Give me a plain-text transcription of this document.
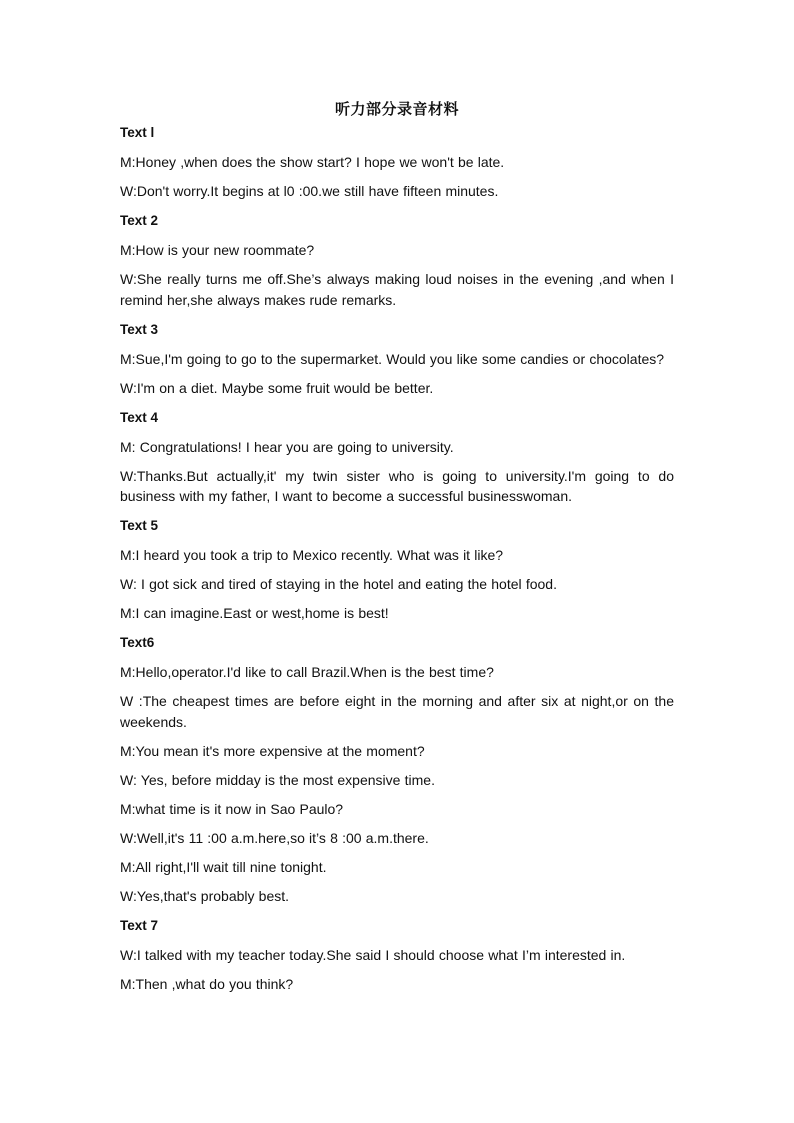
听力部分录音材料
Text l

M:Honey ,when does the show start? I hope we won't be late.

W:Don't worry.It begins at l0 :00.we still have fifteen minutes.

Text 2

M:How is your new roommate?

W:She really turns me off.She’s always making loud noises in the evening ,and when I remind her,she always makes rude remarks.

Text 3

M:Sue,I'm going to go to the supermarket. Would you like some candies or chocolates?

W:I'm on a diet. Maybe some fruit would be better.

Text 4

M: Congratulations! I hear you are going to university.

W:Thanks.But actually,it' my twin sister who is going to university.I'm going to do business with my father, I want to become a successful businesswoman.

Text 5

M:I heard you took a trip to Mexico recently. What was it like?

W: I got sick and tired of staying in the hotel and eating the hotel food.

M:I can imagine.East or west,home is best!

Text6

M:Hello,operator.I'd like to call Brazil.When is the best time?

W :The cheapest times are before eight in the morning and after six at night,or on the weekends.

M:You mean it's more expensive at the moment?

W: Yes, before midday is the most expensive time.

M:what time is it now in Sao Paulo?

W:Well,it's 11 :00 a.m.here,so it’s 8 :00 a.m.there.

M:All right,I'll wait till nine tonight.

W:Yes,that's probably best.

Text 7

W:I talked with my teacher today.She said I should choose what I’m interested in.

M:Then ,what do you think?
